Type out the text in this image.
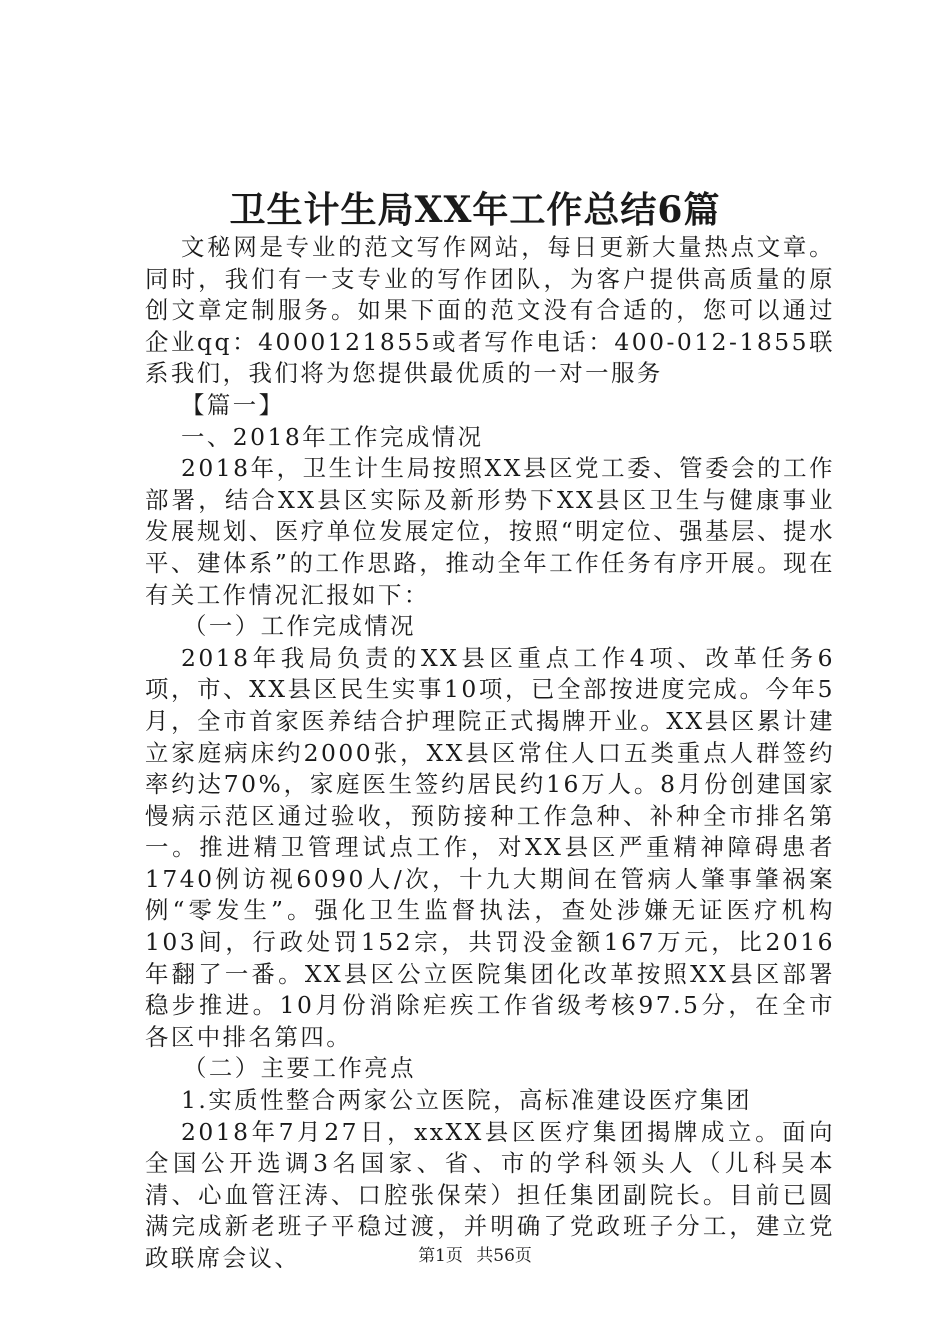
卫生计生局XX年工作总结6篇

文秘网是专业的范文写作网站，每日更新大量热点文章。同时，我们有一支专业的写作团队，为客户提供高质量的原创文章定制服务。如果下面的范文没有合适的，您可以通过企业qq：4000121855或者写作电话：400-012-1855联系我们，我们将为您提供最优质的一对一服务

【篇一】

一、2018年工作完成情况

2018年，卫生计生局按照XX县区党工委、管委会的工作部署，结合XX县区实际及新形势下XX县区卫生与健康事业发展规划、医疗单位发展定位，按照“明定位、强基层、提水平、建体系”的工作思路，推动全年工作任务有序开展。现在有关工作情况汇报如下：

（一）工作完成情况

2018年我局负责的XX县区重点工作4项、改革任务6项，市、XX县区民生实事10项，已全部按进度完成。今年5月，全市首家医养结合护理院正式揭牌开业。XX县区累计建立家庭病床约2000张，XX县区常住人口五类重点人群签约率约达70%，家庭医生签约居民约16万人。8月份创建国家慢病示范区通过验收，预防接种工作急种、补种全市排名第一。推进精卫管理试点工作，对XX县区严重精神障碍患者1740例访视6090人/次，十九大期间在管病人肇事肇祸案例“零发生”。强化卫生监督执法，查处涉嫌无证医疗机构103间，行政处罚152宗，共罚没金额167万元，比2016年翻了一番。XX县区公立医院集团化改革按照XX县区部署稳步推进。10月份消除疟疾工作省级考核97.5分，在全市各区中排名第四。

（二）主要工作亮点

1.实质性整合两家公立医院，高标准建设医疗集团

2018年7月27日，xxXX县区医疗集团揭牌成立。面向全国公开选调3名国家、省、市的学科领头人（儿科吴本清、心血管汪涛、口腔张保荣）担任集团副院长。目前已圆满完成新老班子平稳过渡，并明确了党政班子分工，建立党政联席会议、	第1页 共56页
